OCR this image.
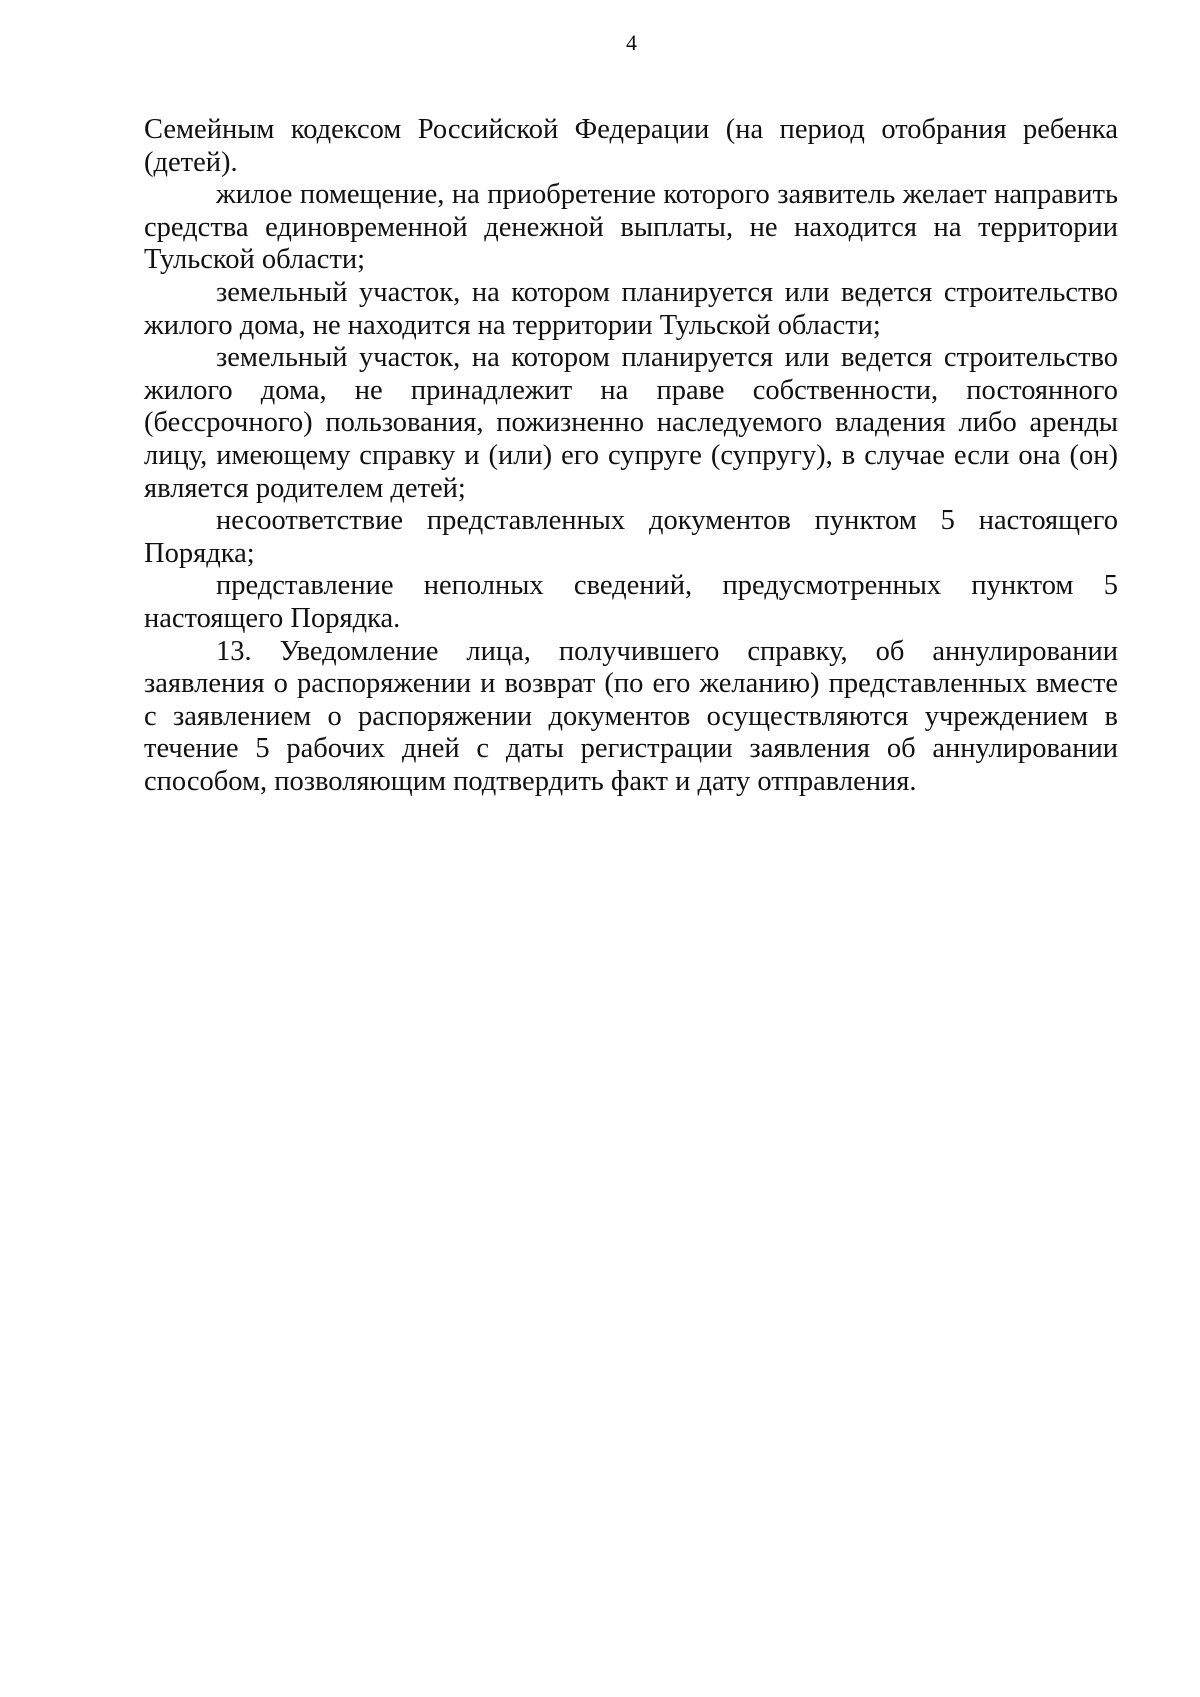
4

Семейным кодексом Российской Федерации (на период отобрания ребенка (детей).

жилое помещение, на приобретение которого заявитель желает направить средства единовременной денежной выплаты, не находится на территории Тульской области;

земельный участок, на котором планируется или ведется строительство жилого дома, не находится на территории Тульской области;

земельный участок, на котором планируется или ведется строительство жилого дома, не принадлежит на праве собственности, постоянного (бессрочного) пользования, пожизненно наследуемого владения либо аренды лицу, имеющему справку и (или) его супруге (супругу), в случае если она (он) является родителем детей;

несоответствие представленных документов пунктом 5 настоящего Порядка;

представление неполных сведений, предусмотренных пунктом 5 настоящего Порядка.

13. Уведомление лица, получившего справку, об аннулировании заявления о распоряжении и возврат (по его желанию) представленных вместе с заявлением о распоряжении документов осуществляются учреждением в течение 5 рабочих дней с даты регистрации заявления об аннулировании способом, позволяющим подтвердить факт и дату отправления.
